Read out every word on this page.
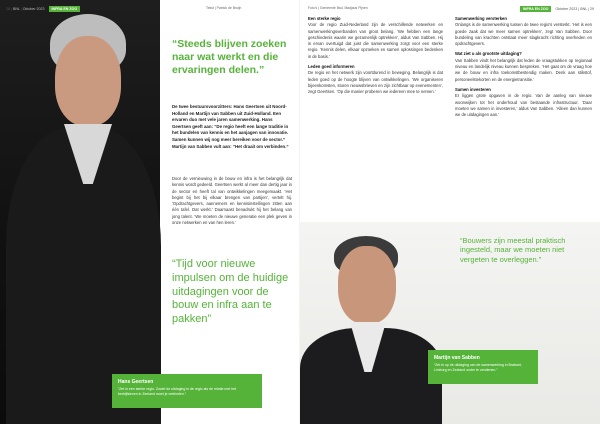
28 | BNL | Oktober 2023 INFRA EN ZOO
Hans Geertsen
“Zet in een sterke regio. Zowel de uitdaging in de regio als de relatie met het bedrijfsleven in Zeeland moet je verbinden.”
Tekst | Patrick de Bruijn
“Steeds blijven zoeken naar wat werkt en die ervaringen delen.”
De twee bestuursvoorzitters: Hans Geertsen uit Noord-Holland en Martijn van Sabben uit Zuid-Holland. Een ervaren duo met vele jaren samenwerking. Hans Geertsen geeft aan: “De regio heeft een lange traditie in het bundelen van kennis en het aanjagen van innovatie. Samen kunnen wij nog meer bereiken voor de sector.” Martijn van Sabben vult aan: “Het draait om verbinden.”
Door de vernieuwing in de bouw en infra is het belangrijk dat kennis wordt gedeeld. Geertsen werkt al meer dan dertig jaar in de sector en heeft tal van ontwikkelingen meegemaakt. ‘Het begint bij het bij elkaar brengen van partijen’, vertelt hij. ‘Opdrachtgevers, aannemers en kennisinstellingen zitten aan één tafel. Dat werkt.’ Daarnaast benadrukt hij het belang van jong talent. ‘We moeten de nieuwe generatie een plek geven in onze netwerken en van hen leren.’
“Tijd voor nieuwe impulsen om de huidige uitdagingen voor de bouw en infra aan te pakken”
Foto’s | Gemeente Bsd, Madjaus Pijnen	INFRA EN ZOO Oktober 2023 | BNL | 29
Een sterke regio
Voor de regio Zuid-Nederland zijn de verschillende netwerken en samenwerkingsverbanden van groot belang. ‘We hebben een lange geschiedenis waarin we gezamenlijk optrekken’, aldus Van Sabben. Hij is ervan overtuigd dat juist die samenwerking zorgt voor een sterke regio. ‘Kennis delen, elkaar opzoeken en samen oplossingen bedenken is de basis.’
Leden goed informeren
De regio en het netwerk zijn voortdurend in beweging. Belangrijk is dat leden goed op de hoogte blijven van ontwikkelingen. ‘We organiseren bijeenkomsten, sturen nieuwsbrieven en zijn zichtbaar op evenementen’, zegt Geertsen. ‘Op die manier proberen we iedereen mee te nemen.’
Samenwerking versterken
Onlangs is de samenwerking tussen de twee regio’s versterkt. ‘Het is een goede zaak dat we meer samen optrekken’, zegt Van Sabben. Door bundeling van krachten ontstaat meer slagkracht richting overheden en opdrachtgevers.
Wat ziet u als grootste uitdaging?
Van Sabben vindt het belangrijk dat leden de vraagstukken op regionaal niveau en landelijk niveau kunnen bespreken. ‘Het gaat om de vraag hoe we de bouw en infra toekomstbestendig maken. Denk aan stikstof, personeelstekorten en de energietransitie.’
Samen investeren
Er liggen grote opgaven in de regio. Van de aanleg van nieuwe woonwijken tot het onderhoud van bestaande infrastructuur. ‘Daar moeten we samen in investeren,’ aldus Van Sabben. ‘Alleen dan kunnen we de uitdagingen aan.’
“Bouwers zijn meestal praktisch ingesteld, maar we moeten niet vergeten te overleggen.”
Martijn van Sabben
“Zet in op de uitdaging van de samenwerking in Brabant, Limburg en Zeeland onder te verdienen.”
